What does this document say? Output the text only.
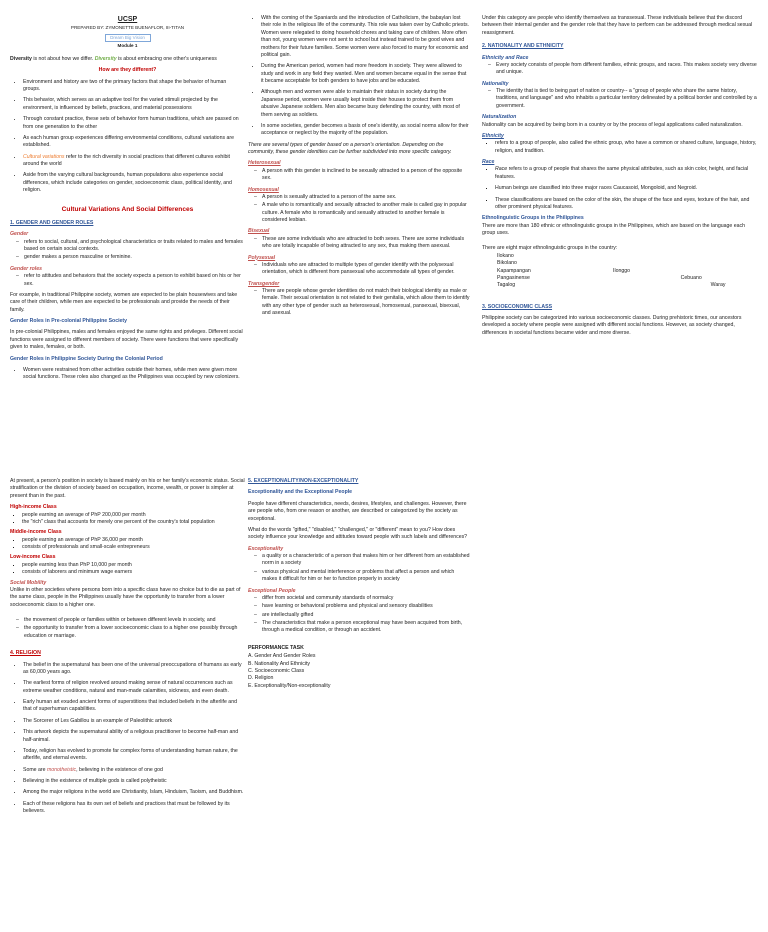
UCSP
PREPARED BY: ZYMONETTE BUENAFLOR, III-TITAN
Dream Big Vision
Module 1

Diversity is not about how we differ. Diversity is about embracing one other's uniqueness

How are they different?

• Environment and history are two of the primary factors that shape the behavior of human groups.
• This behavior, which serves as an adaptive tool for the varied stimuli projected by the environment, is influenced by beliefs, practices, and material possessions
• Through constant practice, these sets of behavior form human traditions, which are passed on from one generation to the other
• As each human group experiences differing environmental conditions, cultural variations are established.
• Cultural variations refer to the rich diversity in social practices that different cultures exhibit around the world
• Aside from the varying cultural backgrounds, human populations also experience social differences, which include categories on gender, socioeconomic class, political identity, and religion.
Cultural Variations And Social Differences

1. GENDER AND GENDER ROLES

Gender

– refers to social, cultural, and psychological characteristics or traits related to males and females based on certain social contexts.
– gender makes a person masculine or feminine.

Gender roles

– refer to attitudes and behaviors that the society expects a person to exhibit based on his or her sex.

For example, in traditional Philippine society, women are expected to be plain housewives and take care of their children, while men are expected to be professionals and provide the needs of their family.

Gender Roles in Pre-colonial Philippine Society

In pre-colonial Philippines, males and females enjoyed the same rights and privileges. Different social functions were assigned to different members of society. There were functions that were specifically given to males, females, or both.

Gender Roles in Philippine Society During the Colonial Period

• Women were restrained from other activities outside their homes, while men were given more social functions. These roles also changed as the Philippines was occupied by new colonizers.
• With the coming of the Spaniards and the introduction of Catholicism, the babaylan lost their role in the religious life of the community. This role was taken over by Catholic priests. Women were relegated to doing household chores and taking care of children. More often than not, young women were not sent to school but instead trained to be good wives and mothers for their future families. Some women were also forced to marry for economic and political gain.
• During the American period, women had more freedom in society. They were allowed to study and work in any field they wanted. Men and women became equal in the sense that it became acceptable for both genders to have jobs and be educated.
• Although men and women were able to maintain their status in society during the Japanese period, women were usually kept inside their houses to protect them from abusive Japanese soldiers. Men also became busy defending the country, with most of them serving as soldiers.
• In some societies, gender becomes a basis of one's identity, as social norms allow for their acceptance or neglect by the majority of the population.

There are several types of gender based on a person's orientation. Depending on the community, these gender identities can be further subdivided into more specific category.

Heterosexual

– A person with this gender is inclined to be sexually attracted to a person of the opposite sex.

Homosexual

– A person is sexually attracted to a person of the same sex.
– A male who is romantically and sexually attracted to another male is called gay in popular culture. A female who is romantically and sexually attracted to another female is considered lesbian.

Bisexual

– These are some individuals who are attracted to both sexes. There are some individuals who are totally incapable of being attracted to any sex, thus making them asexual.

Polysexual

– Individuals who are attracted to multiple types of gender identify with the polysexual orientation, which is different from pansexual who accommodate all types of gender.

Transgender

– There are people whose gender identities do not match their biological identity as male or female. Their sexual orientation is not related to their genitalia, which allow them to identify with any other type of gender such as heterosexual, homosexual, pansexual, bisexual, and asexual.

Under this category are people who identify themselves as transsexual. These individuals believe that the discord between their internal gender and the gender role that they have to perform can be addressed through medical sexual reassignment.

2. NATIONALITY AND ETHNICITY

Ethnicity and Race

– Every society consists of people from different families, ethnic groups, and races. This makes society very diverse and unique.

Nationality

– The identity that is tied to being part of nation or country-- a "group of people who share the same history, traditions, and language" and who inhabits a particular territory delineated by a political border and controlled by a government.

Naturalization

Nationality can be acquired by being born in a country or by the process of legal applications called naturalization.

Ethnicity

▪ refers to a group of people, also called the ethnic group, who have a common or shared culture, language, history, religion, and tradition.

Race

▪ Race refers to a group of people that shares the same physical attributes, such as skin color, height, and facial features.
▪ Human beings are classified into three major races Caucasoid, Mongoloid, and Negroid.
▪ These classifications are based on the color of the skin, the shape of the face and eyes, texture of the hair, and other prominent physical features.

Ethnolinguistic Groups in the Philippines

There are more than 180 ethnic or ethnolinguistic groups in the Philippines, which are based on the language each group uses.

There are eight major ethnolinguistic groups in the country:

Ilokano
Bikolano
Kapampangan
Pangasinense
Tagalog
Ilonggo
Cebuano
Waray

3. SOCIOECONOMIC CLASS

Philippine society can be categorized into various socioeconomic classes. During prehistoric times, our ancestors developed a society where people were assigned with different social functions. However, as society changed, differences in societal functions became wider and more diverse.

At present, a person's position in society is based mainly on his or her family's economic status. Social stratification or the division of society based on occupation, income, wealth, or power is simpler at present than in the past.

High-income Class

▪ people earning an average of PhP 200,000 per month
▪ the "rich" class that accounts for merely one percent of the country's total population

Middle-income Class

▪ people earning an average of PhP 36,000 per month
▪ consists of professionals and small-scale entrepreneurs

Low-income Class

▪ people earning less than PhP 10,000 per month
▪ consists of laborers and minimum wage earners

Social Mobility

Unlike in other societies where persons born into a specific class have no choice but to die as part of the same class, people in the Philippines usually have the opportunity to transfer from a lower socioeconomic class to a higher one.

– the movement of people or families within or between different levels in society, and
– the opportunity to transfer from a lower socioeconomic class to a higher one possibly through education or marriage.

4. RELIGION

• The belief in the supernatural has been one of the universal preoccupations of humans as early as 60,000 years ago.
• The earliest forms of religion revolved around making sense of natural occurrences such as extreme weather conditions, natural and man-made calamities, sickness, and even death.
• Early human art exuded ancient forms of superstitions that included beliefs in the afterlife and that of superhuman capabilities.
• The Sorcerer of Les Gabillou is an example of Paleolithic artwork
• This artwork depicts the supernatural ability of a religious practitioner to become half-man and half-animal.
• Today, religion has evolved to promote far complex forms of understanding human nature, the afterlife, and eternal events.
• Some are monotheistic, believing in the existence of one god
• Believing in the existence of multiple gods is called polytheistic
• Among the major religions in the world are Christianity, Islam, Hinduism, Taoism, and Buddhism.
• Each of these religions has its own set of beliefs and practices that must be followed by its believers.

5. EXCEPTIONALITY/NON-EXCEPTIONALITY

Exceptionality and the Exceptional People

People have different characteristics, needs, desires, lifestyles, and challenges. However, there are people who, from one reason or another, are described or categorized by the society as exceptional.

What do the words "gifted," "disabled," "challenged," or "different" mean to you? How does society influence your knowledge and attitudes toward people with such labels and differences?

Exceptionality

– a quality or a characteristic of a person that makes him or her different from an established norm in a society
– various physical and mental interference or problems that affect a person and which makes it difficult for him or her to function properly in society

Exceptional People

– differ from societal and community standards of normalcy
– have learning or behavioral problems and physical and sensory disabilities
– are intellectually gifted
– The characteristics that make a person exceptional may have been acquired from birth, through a medical condition, or through an accident.

PERFORMANCE TASK

A. Gender And Gender Roles
B. Nationality And Ethnicity
C. Socioeconomic Class
D. Religion
E. Exceptionality/Non-exceptionality
